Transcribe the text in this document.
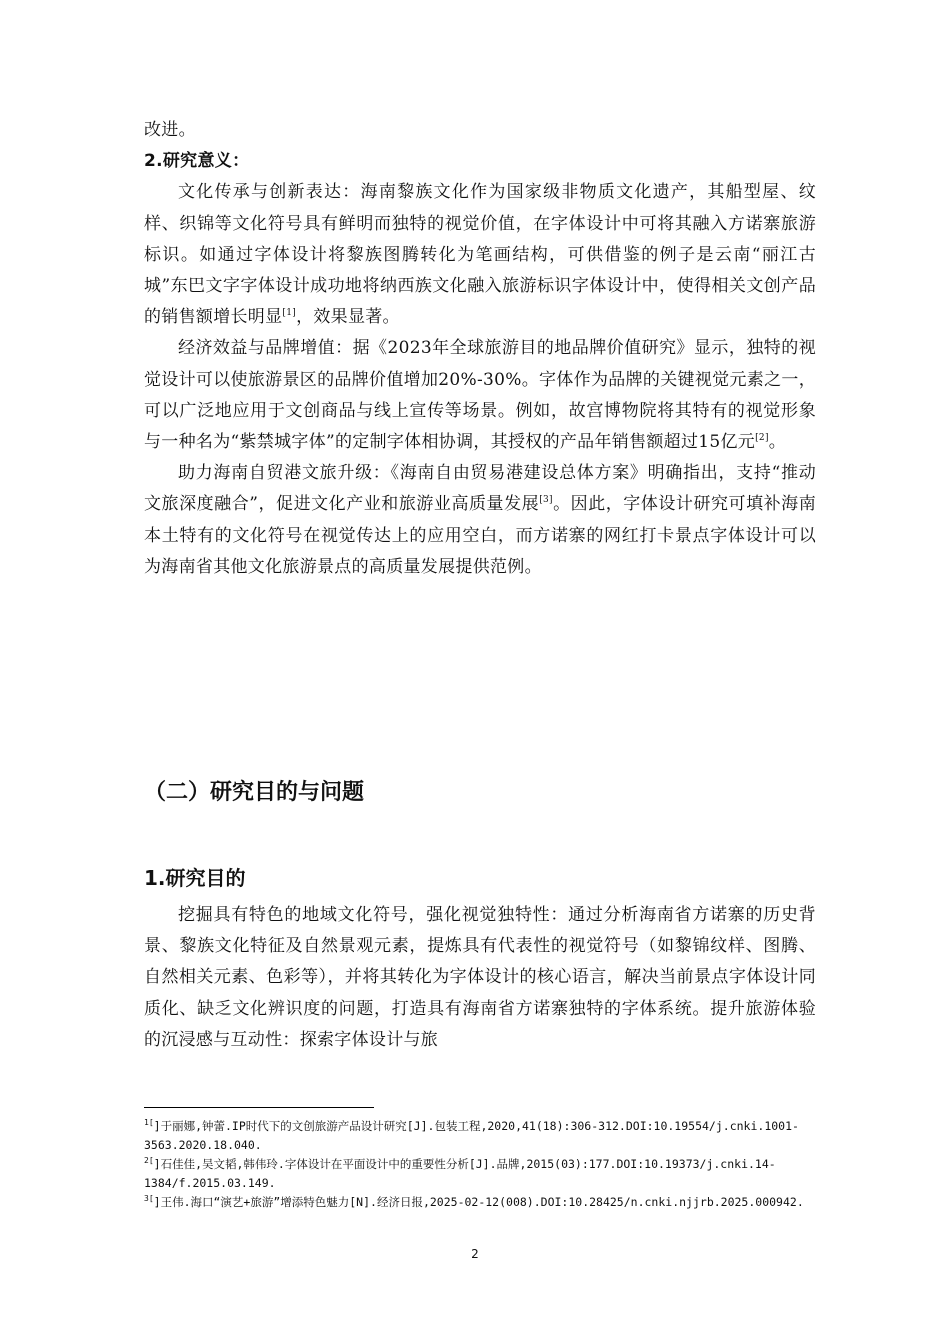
改进。

2.研究意义：

文化传承与创新表达：海南黎族文化作为国家级非物质文化遗产，其船型屋、纹样、织锦等文化符号具有鲜明而独特的视觉价值，在字体设计中可将其融入方诺寨旅游标识。如通过字体设计将黎族图腾转化为笔画结构，可供借鉴的例子是云南“丽江古城”东巴文字字体设计成功地将纳西族文化融入旅游标识字体设计中，使得相关文创产品的销售额增长明显[1]，效果显著。

经济效益与品牌增值：据《2023年全球旅游目的地品牌价值研究》显示，独特的视觉设计可以使旅游景区的品牌价值增加20%-30%。字体作为品牌的关键视觉元素之一，可以广泛地应用于文创商品与线上宣传等场景。例如，故宫博物院将其特有的视觉形象与一种名为“紫禁城字体”的定制字体相协调，其授权的产品年销售额超过15亿元[2]。

助力海南自贸港文旅升级：《海南自由贸易港建设总体方案》明确指出，支持“推动文旅深度融合”，促进文化产业和旅游业高质量发展[3]。因此，字体设计研究可填补海南本土特有的文化符号在视觉传达上的应用空白，而方诺寨的网红打卡景点字体设计可以为海南省其他文化旅游景点的高质量发展提供范例。

（二）研究目的与问题
1.研究目的

挖掘具有特色的地域文化符号，强化视觉独特性：通过分析海南省方诺寨的历史背景、黎族文化特征及自然景观元素，提炼具有代表性的视觉符号（如黎锦纹样、图腾、自然相关元素、色彩等），并将其转化为字体设计的核心语言，解决当前景点字体设计同质化、缺乏文化辨识度的问题，打造具有海南省方诺寨独特的字体系统。提升旅游体验的沉浸感与互动性：探索字体设计与旅

$^{1[}$]于丽娜,钟蕾.IP时代下的文创旅游产品设计研究[J].包装工程,2020,41(18):306-312.DOI:10.19554/j.cnki.1001-3563.2020.18.040.

$^{2[}$]石佳佳,吴文韬,韩伟玲.字体设计在平面设计中的重要性分析[J].品牌,2015(03):177.DOI:10.19373/j.cnki.14-1384/f.2015.03.149.

$^{3[}$]王伟.海口“演艺+旅游”增添特色魅力[N].经济日报,2025-02-12(008).DOI:10.28425/n.cnki.njjrb.2025.000942.

2
